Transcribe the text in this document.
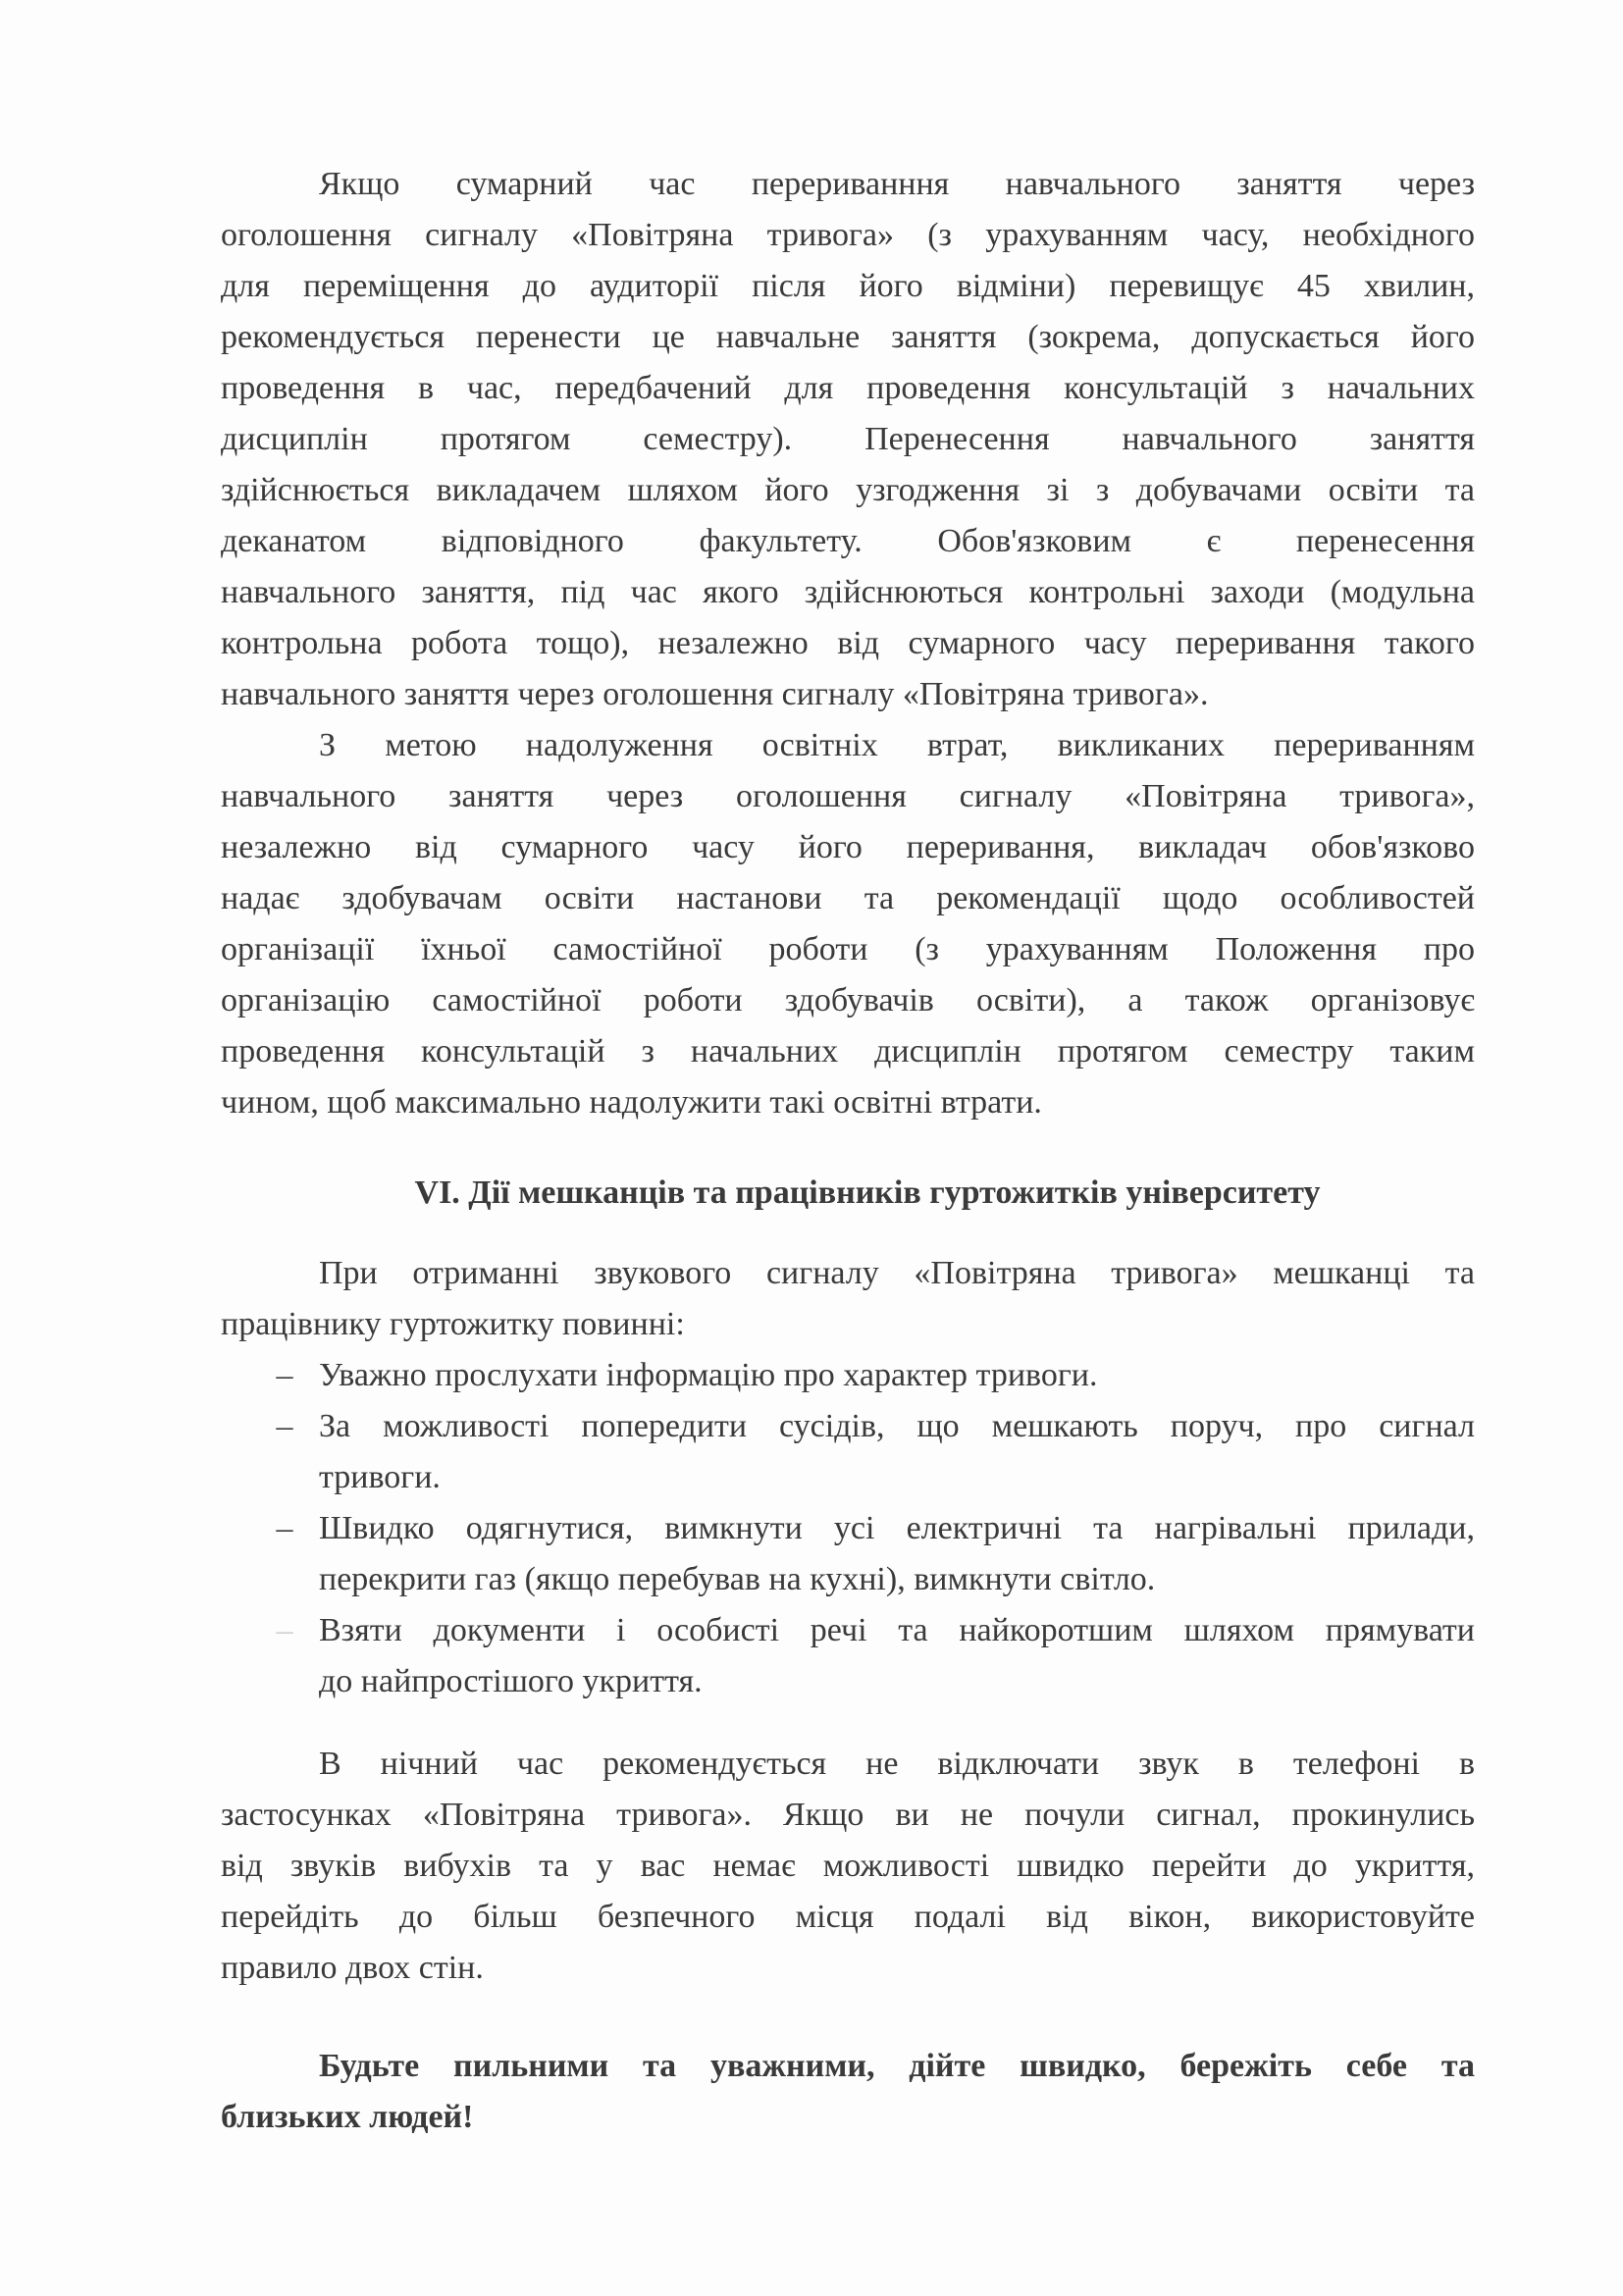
Якщо сумарний час перериванння навчального заняття через
оголошення сигналу «Повітряна тривога» (з урахуванням часу, необхідного
для переміщення до аудиторії після його відміни) перевищує 45 хвилин,
рекомендується перенести це навчальне заняття (зокрема, допускається його
проведення в час, передбачений для проведення консультацій з начальних
дисциплін протягом семестру). Перенесення навчального заняття
здійснюється викладачем шляхом його узгодження зі з добувачами освіти та
деканатом відповідного факультету. Обов'язковим є перенесення
навчального заняття, під час якого здійснюються контрольні заходи (модульна
контрольна робота тощо), незалежно від сумарного часу переривання такого
навчального заняття через оголошення сигналу «Повітряна тривога».
З метою надолуження освітніх втрат, викликаних перериванням
навчального заняття через оголошення сигналу «Повітряна тривога»,
незалежно від сумарного часу його переривання, викладач обов'язково
надає здобувачам освіти настанови та рекомендації щодо особливостей
організації їхньої самостійної роботи (з урахуванням Положення про
організацію самостійної роботи здобувачів освіти), а також організовує
проведення консультацій з начальних дисциплін протягом семестру таким
чином, щоб максимально надолужити такі освітні втрати.
VI. Дії мешканців та працівників гуртожитків університету
При отриманні звукового сигналу «Повітряна тривога» мешканці та
працівнику гуртожитку повинні:
– Уважно прослухати інформацію про характер тривоги.
– За можливості попередити сусідів, що мешкають поруч, про сигнал
тривоги.
– Швидко одягнутися, вимкнути усі електричні та нагрівальні прилади,
перекрити газ (якщо перебував на кухні), вимкнути світло.
– Взяти документи і особисті речі та найкоротшим шляхом прямувати
до найпростішого укриття.
В нічний час рекомендується не відключати звук в телефоні в
застосунках «Повітряна тривога». Якщо ви не почули сигнал, прокинулись
від звуків вибухів та у вас немає можливості швидко перейти до укриття,
перейдіть до більш безпечного місця подалі від вікон, використовуйте
правило двох стін.
Будьте пильними та уважними, дійте швидко, бережіть себе та
близьких людей!
